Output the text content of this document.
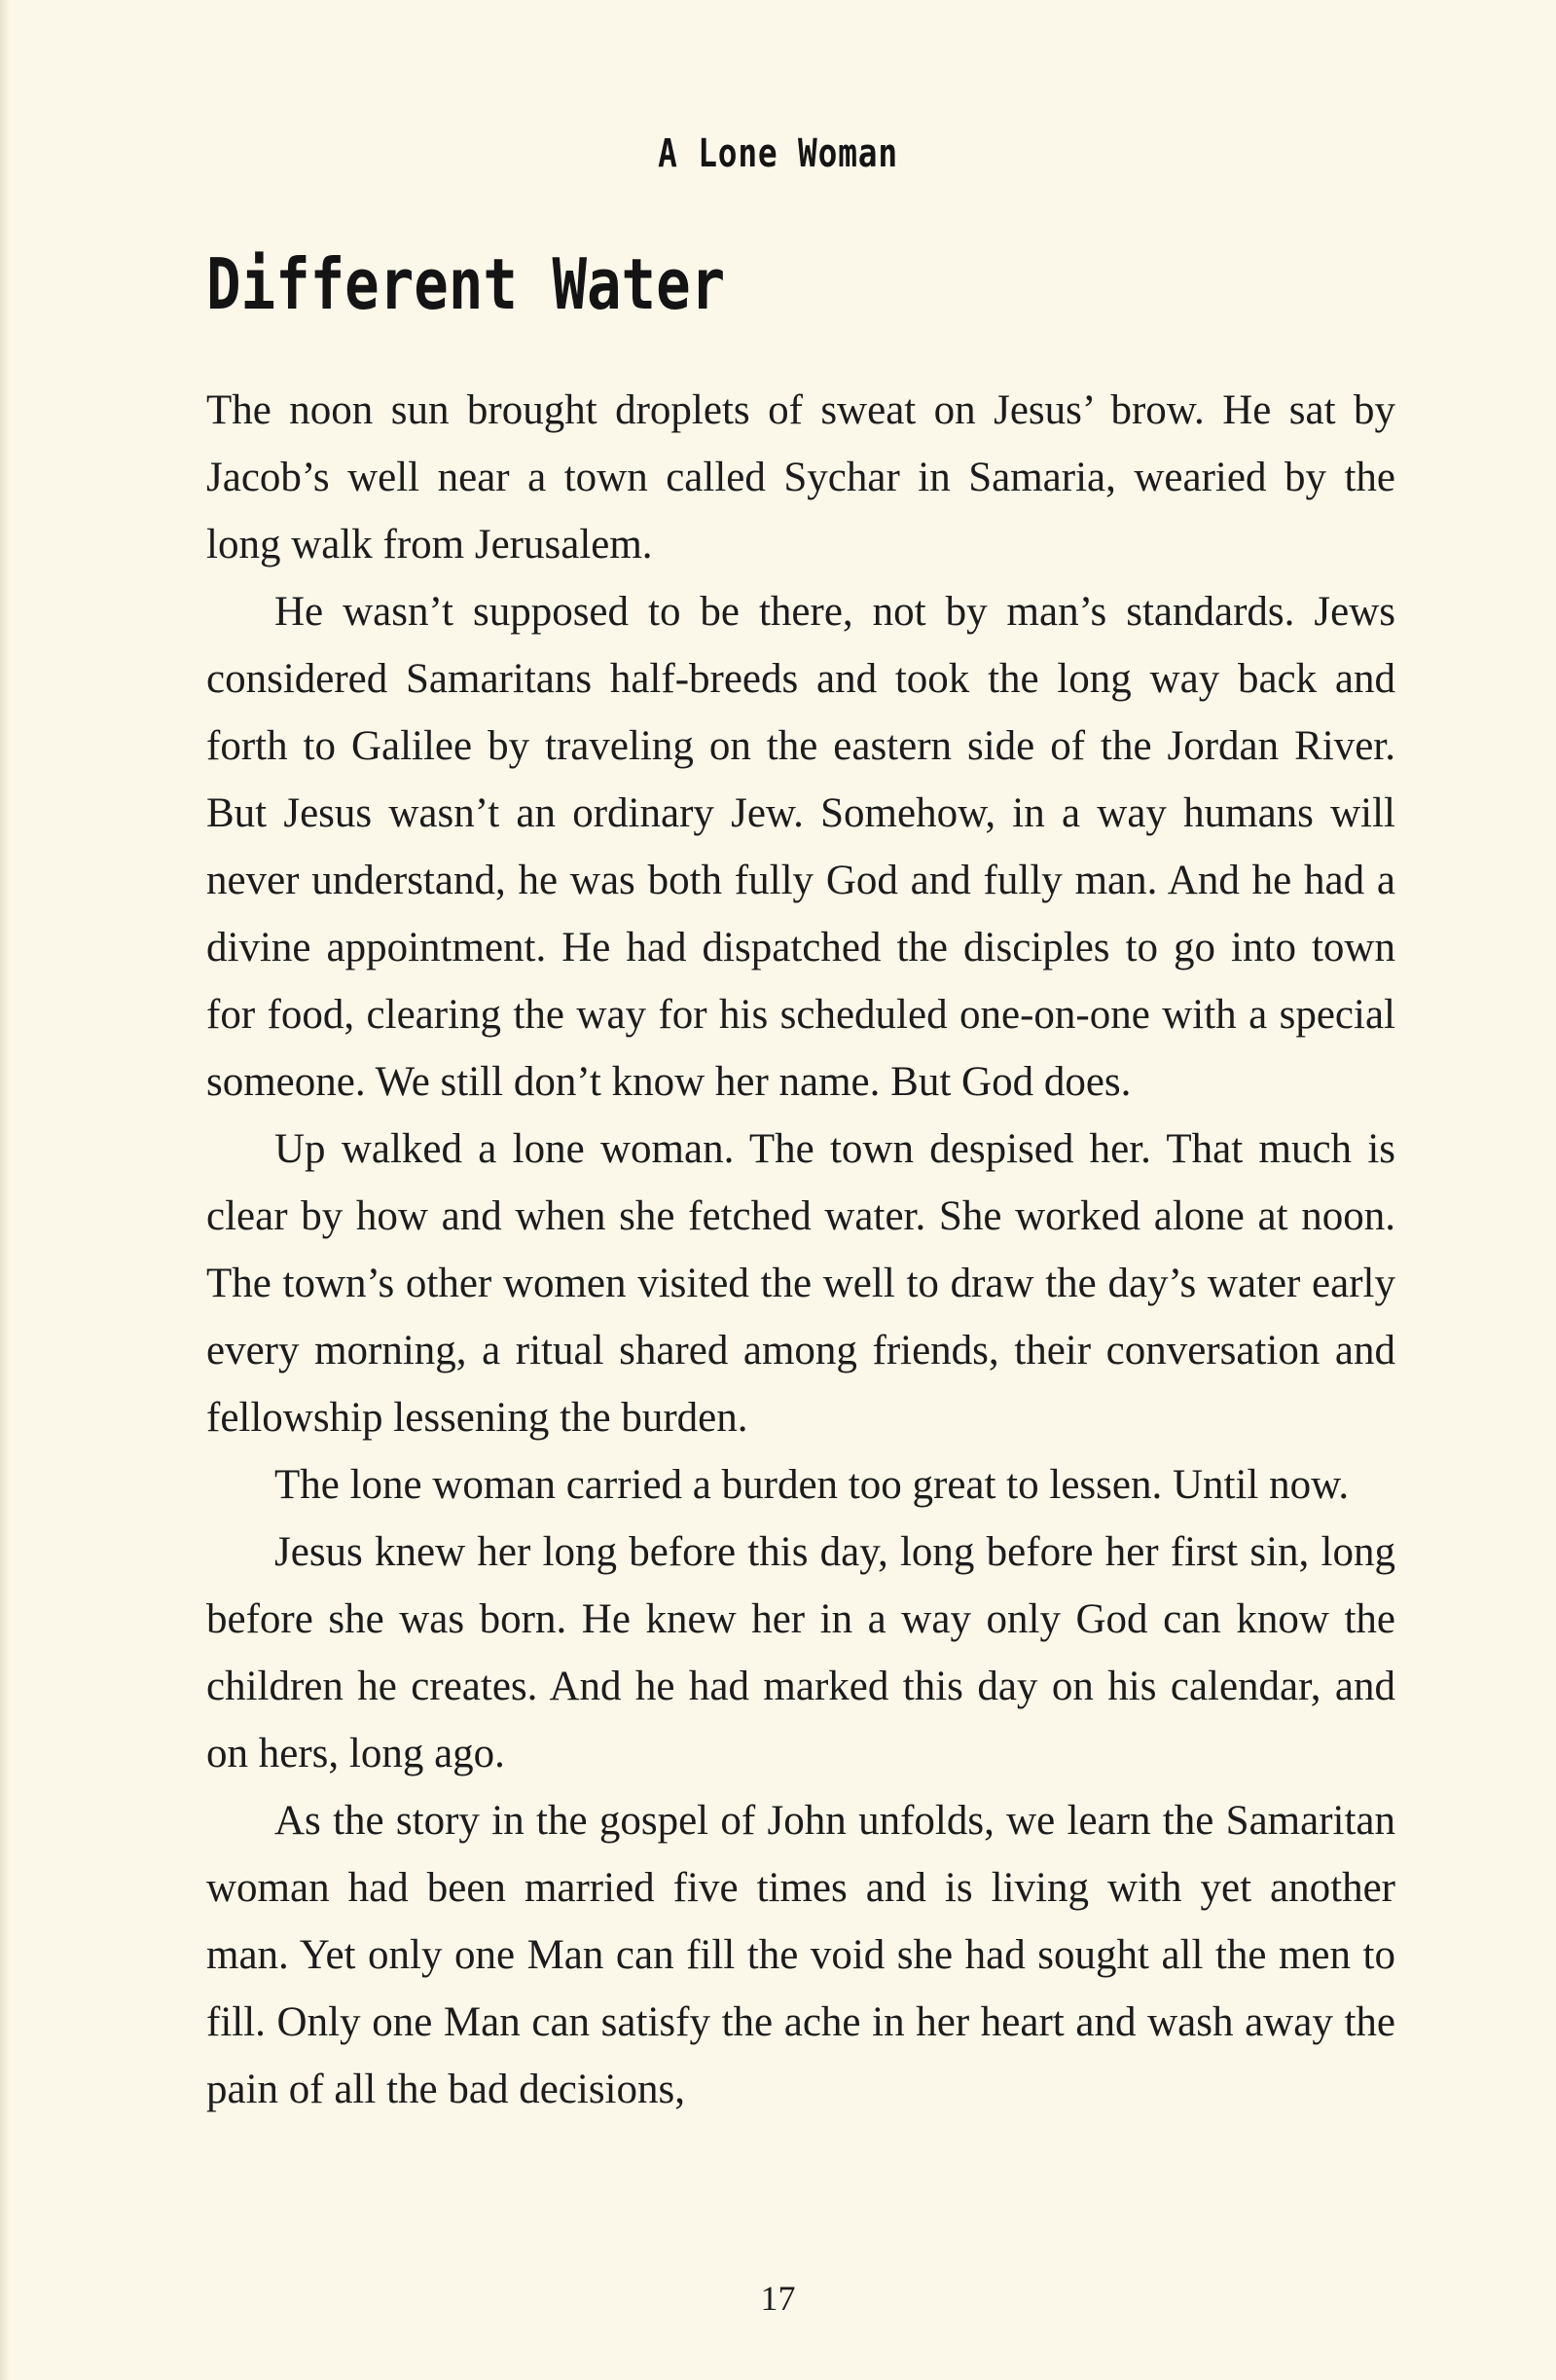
A Lone Woman
Different Water

The noon sun brought droplets of sweat on Jesus’ brow. He sat by Jacob’s well near a town called Sychar in Samaria, wearied by the long walk from Jerusalem.

He wasn’t supposed to be there, not by man’s standards. Jews considered Samaritans half-breeds and took the long way back and forth to Galilee by traveling on the eastern side of the Jordan River. But Jesus wasn’t an ordinary Jew. Somehow, in a way humans will never understand, he was both fully God and fully man. And he had a divine appointment. He had dispatched the disciples to go into town for food, clearing the way for his scheduled one-on-one with a special someone. We still don’t know her name. But God does.

Up walked a lone woman. The town despised her. That much is clear by how and when she fetched water. She worked alone at noon. The town’s other women visited the well to draw the day’s water early every morning, a ritual shared among friends, their conversation and fellowship lessening the burden.

The lone woman carried a burden too great to lessen. Until now.

Jesus knew her long before this day, long before her first sin, long before she was born. He knew her in a way only God can know the children he creates. And he had marked this day on his calendar, and on hers, long ago.

As the story in the gospel of John unfolds, we learn the Samaritan woman had been married five times and is living with yet another man. Yet only one Man can fill the void she had sought all the men to fill. Only one Man can satisfy the ache in her heart and wash away the pain of all the bad decisions,

17
